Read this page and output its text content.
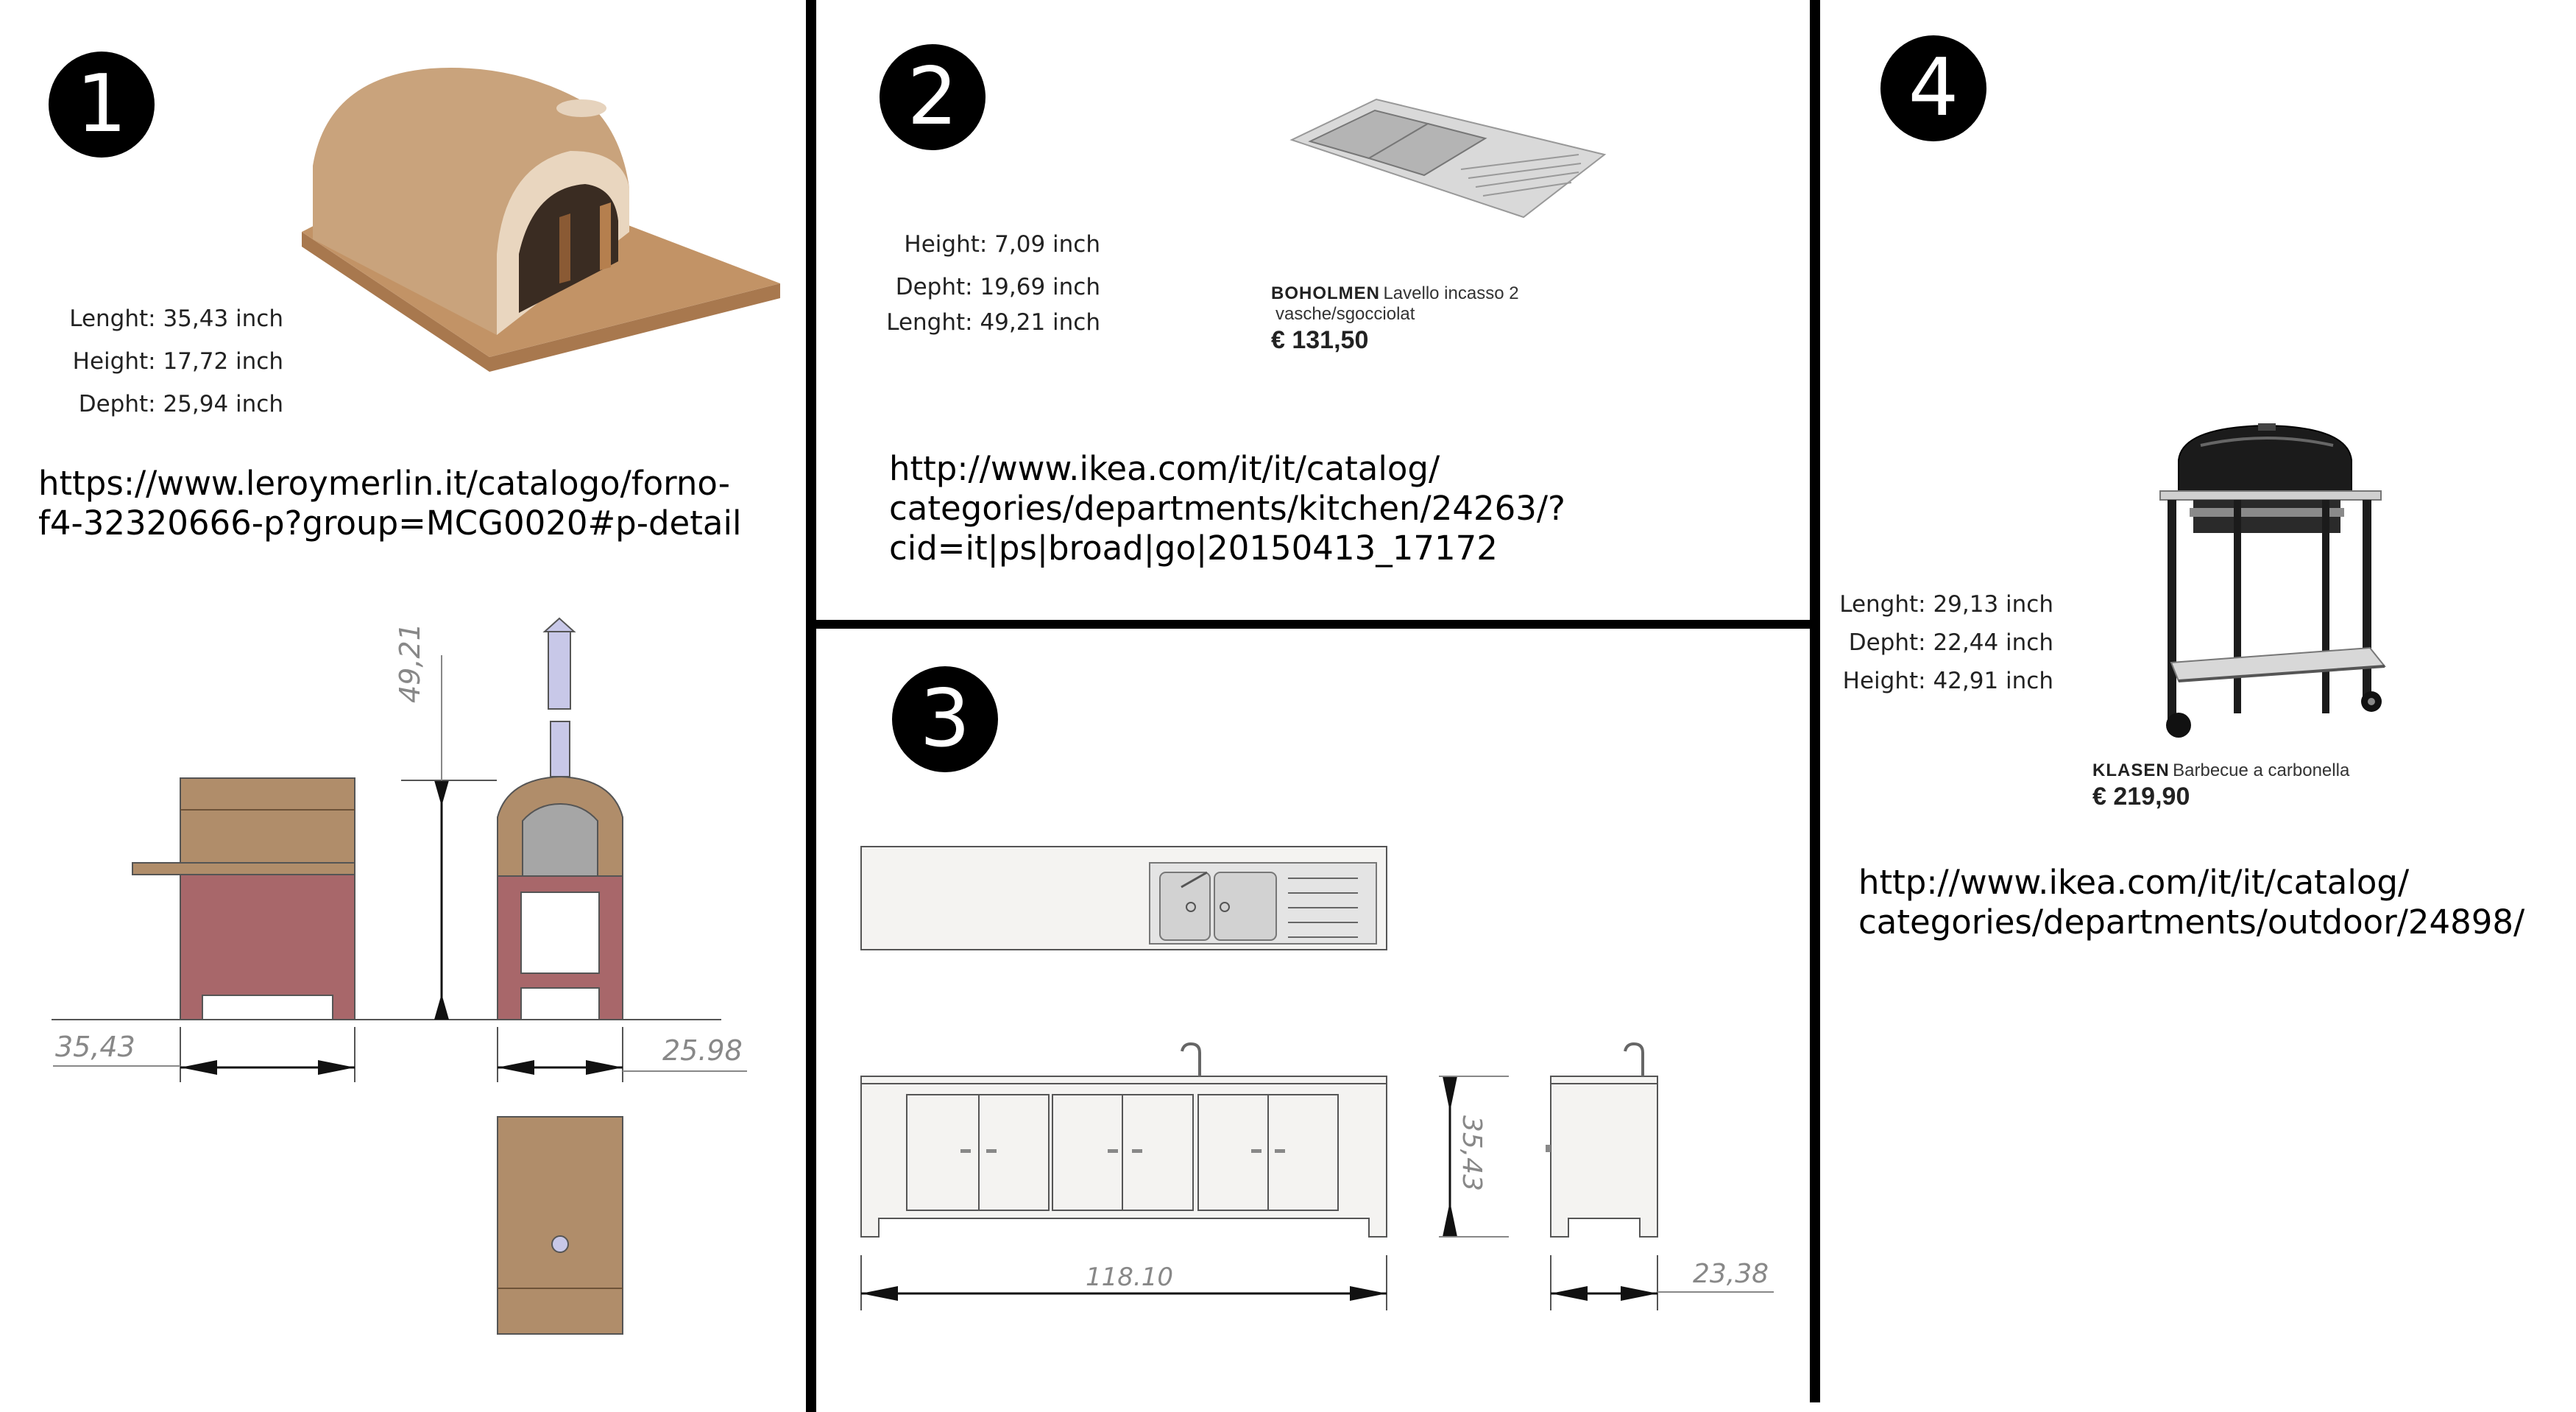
1
Lenght: 35,43 inch
Height: 17,72 inch
Depht: 25,94 inch
https://www.leroymerlin.it/catalogo/forno-
f4-32320666-p?group=MCG0020#p-detail
49,21
35,43	25.98
2
Height: 7,09 inch
Depht: 19,69 inch
Lenght: 49,21 inch
BOHOLMEN Lavello incasso 2
vasche/sgocciolat
€ 131,50
http://www.ikea.com/it/it/catalog/
categories/departments/kitchen/24263/?
cid=it|ps|broad|go|20150413_17172
3
118.10
35,43
23,38
4
Lenght: 29,13 inch
Depht: 22,44 inch
Height: 42,91 inch
KLASEN Barbecue a carbonella
€ 219,90
http://www.ikea.com/it/it/catalog/
categories/departments/outdoor/24898/
